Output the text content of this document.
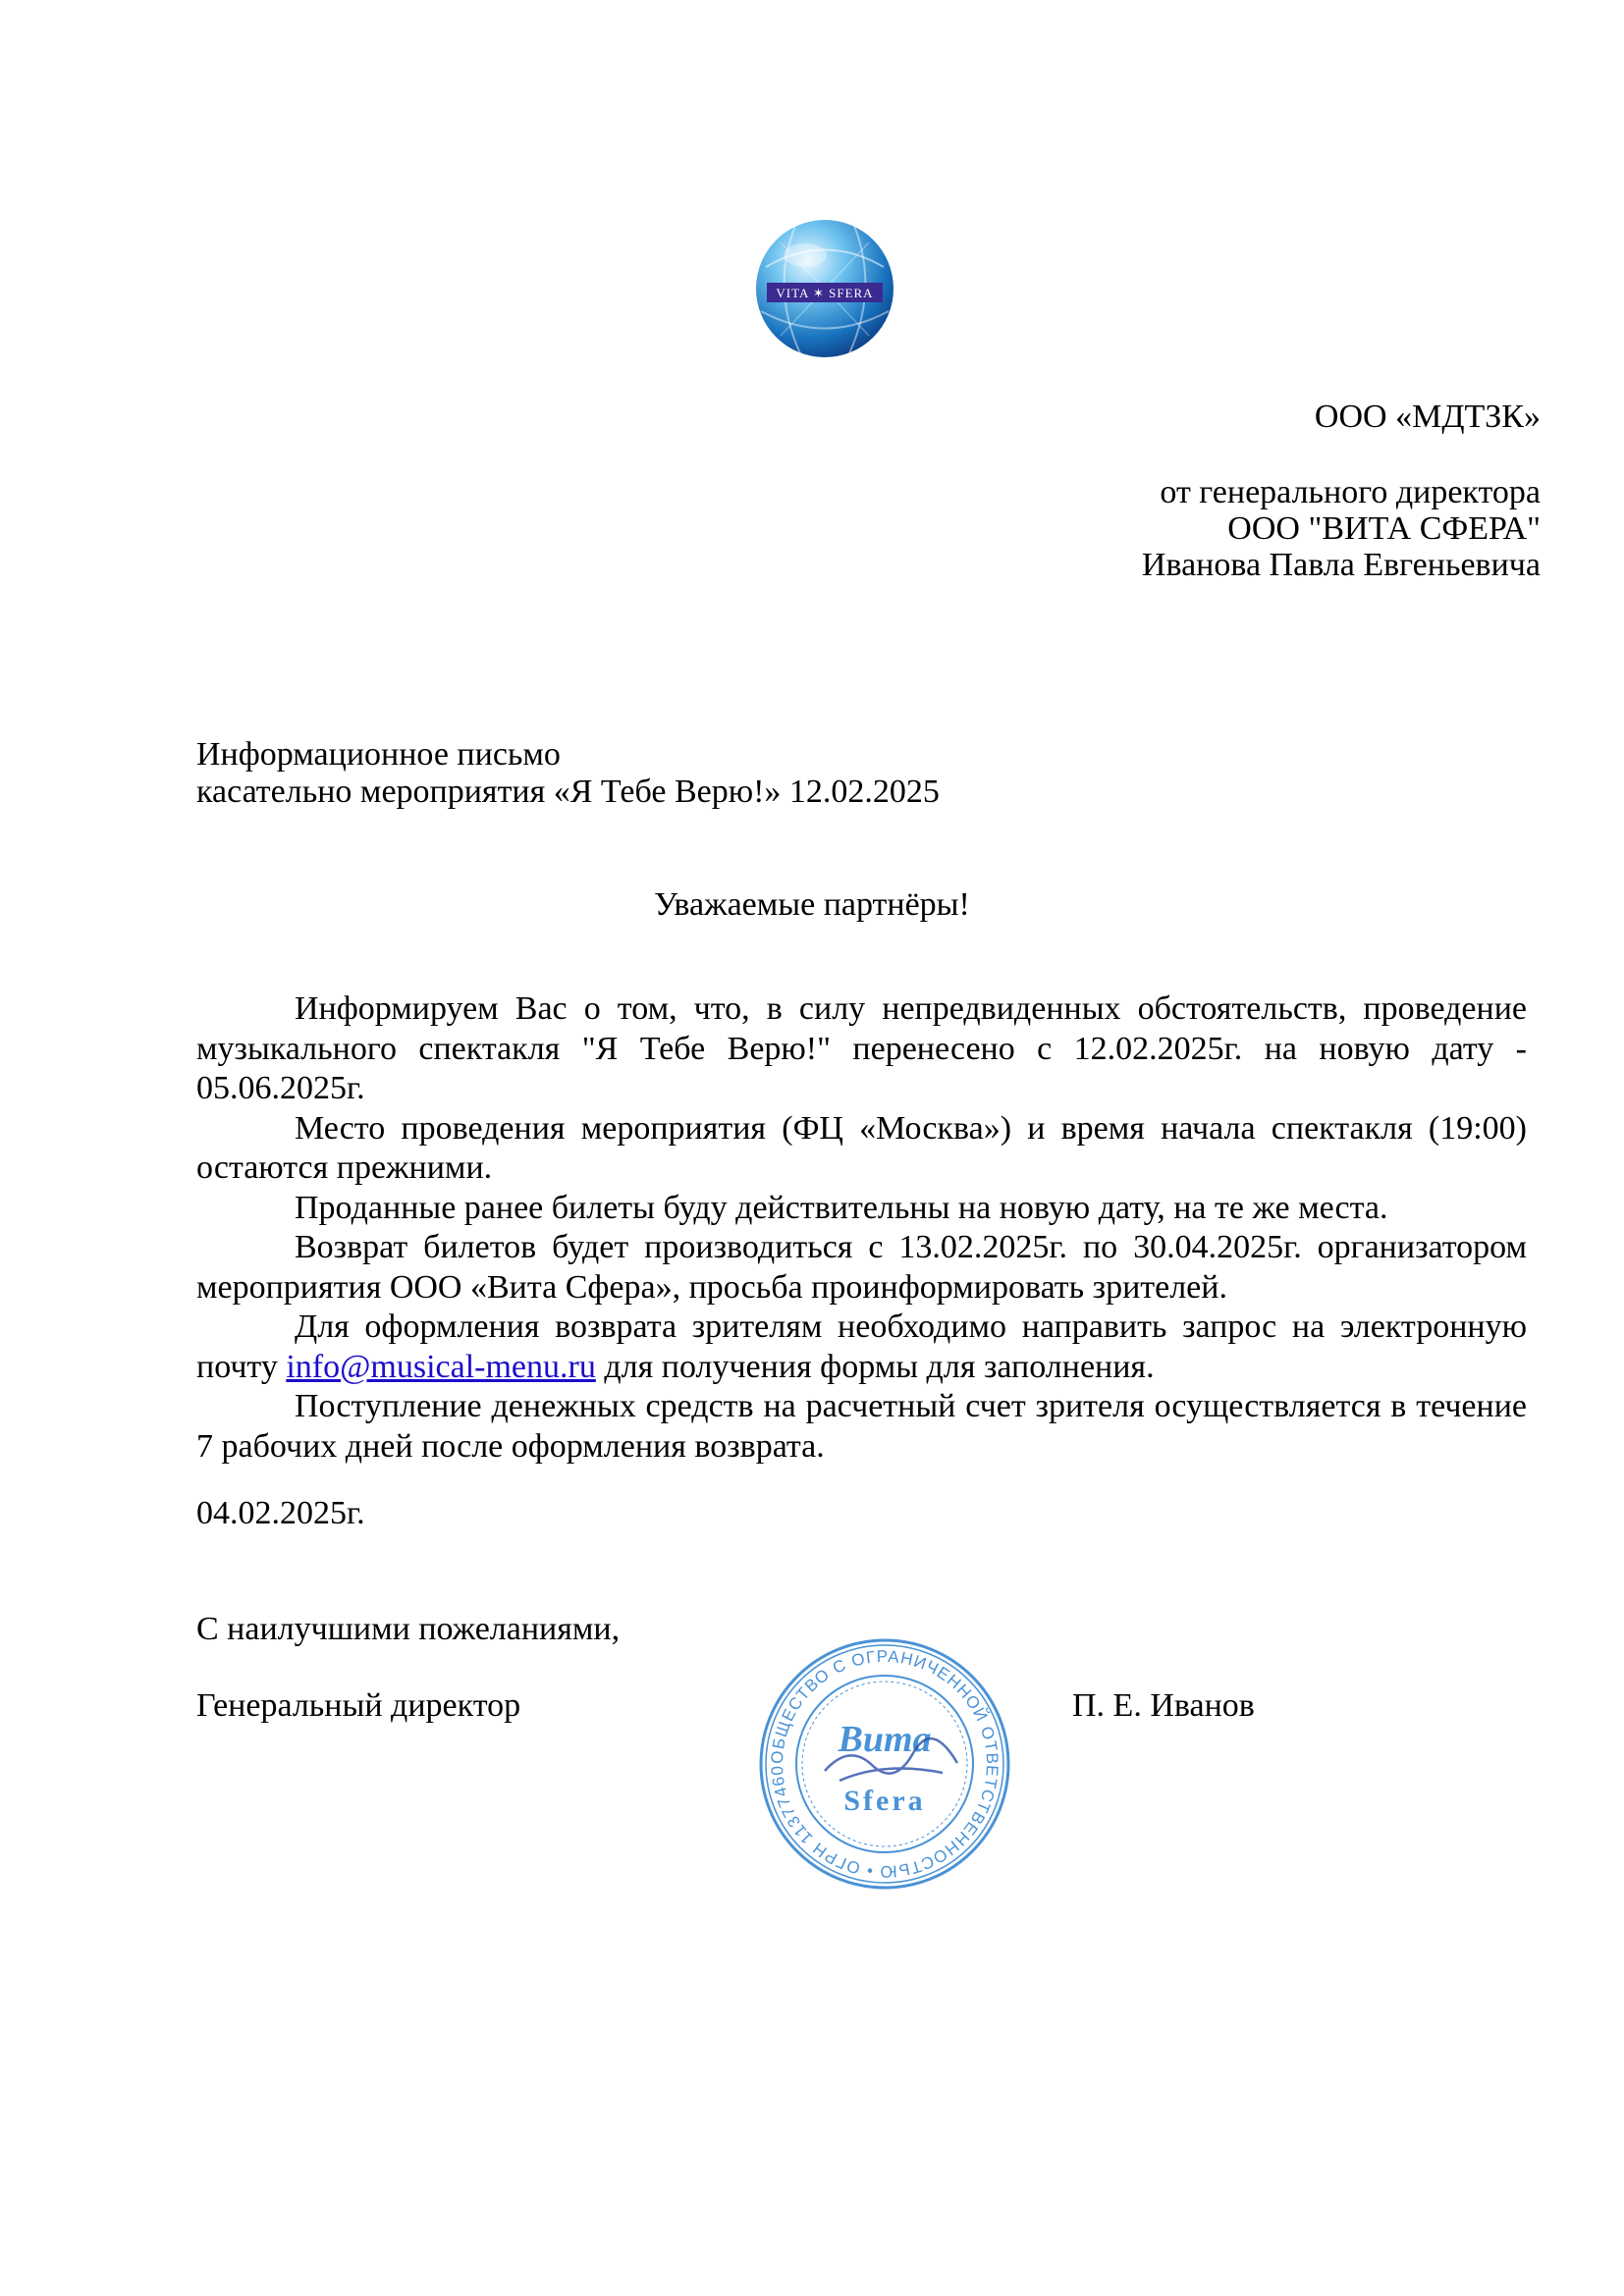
VITA ✶ SFERA
ООО «МДТЗК»
от генерального директора
ООО "ВИТА СФЕРА"
Иванова Павла Евгеньевича
Информационное письмо
касательно мероприятия «Я Тебе Верю!» 12.02.2025
Уважаемые партнёры!

Информируем Вас о том, что, в силу непредвиденных обстоятельств, проведение музыкального спектакля "Я Тебе Верю!" перенесено с 12.02.2025г. на новую дату - 05.06.2025г.

Место проведения мероприятия (ФЦ «Москва») и время начала спектакля (19:00) остаются прежними.

Проданные ранее билеты буду действительны на новую дату, на те же места.

Возврат билетов будет производиться с 13.02.2025г. по 30.04.2025г. организатором мероприятия ООО «Вита Сфера», просьба проинформировать зрителей.

Для оформления возврата зрителям необходимо направить запрос на электронную почту info@musical-menu.ru для получения формы для заполнения.

Поступление денежных средств на расчетный счет зрителя осуществляется в течение 7 рабочих дней после оформления возврата.

04.02.2025г.
С наилучшими пожеланиями,
Генеральный директор	П. Е. Иванов
ОБЩЕСТВО С ОГРАНИЧЕННОЙ ОТВЕТСТВЕННОСТЬЮ • ОГРН 11377460
Вита
Sfera
